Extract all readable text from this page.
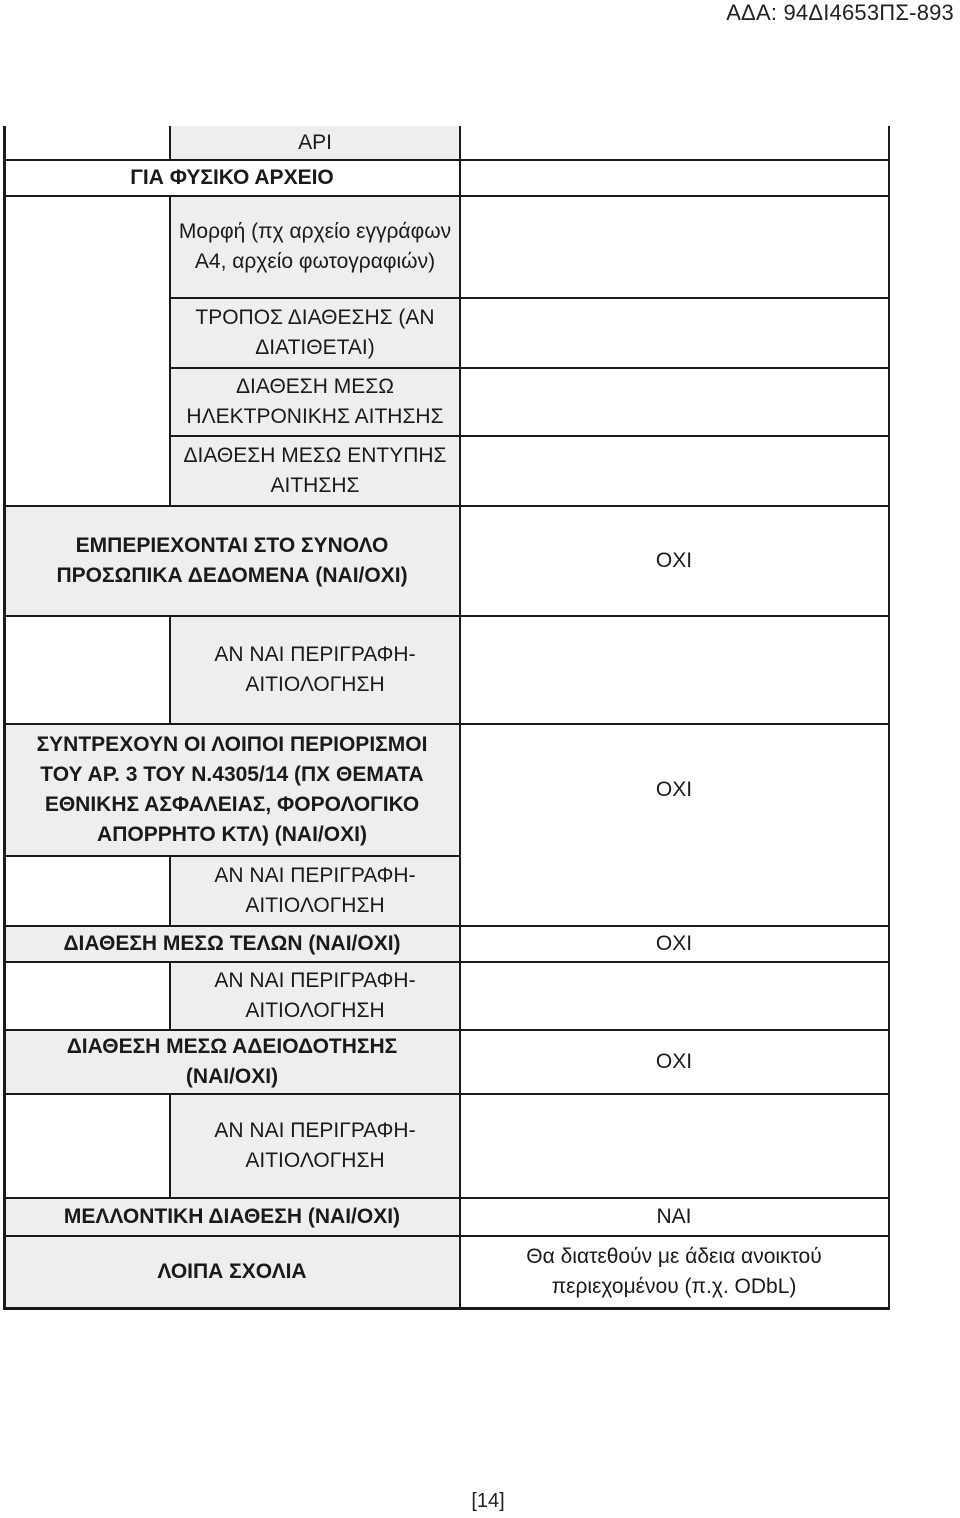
ΑΔΑ: 94ΔΙ4653ΠΣ-893
ΑΡΙ
ΓΙΑ ΦΥΣΙΚΟ ΑΡΧΕΙΟ
Μορφή (πχ αρχείο εγγράφων Α4, αρχείο φωτογραφιών)
ΤΡΟΠΟΣ ΔΙΑΘΕΣΗΣ (ΑΝ ΔΙΑΤΙΘΕΤΑΙ)
ΔΙΑΘΕΣΗ ΜΕΣΩ ΗΛΕΚΤΡΟΝΙΚΗΣ ΑΙΤΗΣΗΣ
ΔΙΑΘΕΣΗ ΜΕΣΩ ΕΝΤΥΠΗΣ ΑΙΤΗΣΗΣ
ΕΜΠΕΡΙΕΧΟΝΤΑΙ ΣΤΟ ΣΥΝΟΛΟ ΠΡΟΣΩΠΙΚΑ ΔΕΔΟΜΕΝΑ (ΝΑΙ/ΟΧΙ)
ΟΧΙ
ΑΝ ΝΑΙ ΠΕΡΙΓΡΑΦΗ- ΑΙΤΙΟΛΟΓΗΣΗ
ΣΥΝΤΡΕΧΟΥΝ ΟΙ ΛΟΙΠΟΙ ΠΕΡΙΟΡΙΣΜΟΙ ΤΟΥ ΑΡ. 3 ΤΟΥ Ν.4305/14 (ΠΧ ΘΕΜΑΤΑ ΕΘΝΙΚΗΣ ΑΣΦΑΛΕΙΑΣ, ΦΟΡΟΛΟΓΙΚΟ ΑΠΟΡΡΗΤΟ ΚΤΛ) (ΝΑΙ/ΟΧΙ)
ΟΧΙ
ΑΝ ΝΑΙ ΠΕΡΙΓΡΑΦΗ- ΑΙΤΙΟΛΟΓΗΣΗ
ΔΙΑΘΕΣΗ ΜΕΣΩ ΤΕΛΩΝ (ΝΑΙ/ΟΧΙ)	ΟΧΙ
ΑΝ ΝΑΙ ΠΕΡΙΓΡΑΦΗ- ΑΙΤΙΟΛΟΓΗΣΗ
ΔΙΑΘΕΣΗ ΜΕΣΩ ΑΔΕΙΟΔΟΤΗΣΗΣ (ΝΑΙ/ΟΧΙ)
ΟΧΙ
ΑΝ ΝΑΙ ΠΕΡΙΓΡΑΦΗ- ΑΙΤΙΟΛΟΓΗΣΗ
ΜΕΛΛΟΝΤΙΚΗ ΔΙΑΘΕΣΗ (ΝΑΙ/ΟΧΙ)	ΝΑΙ
ΛΟΙΠΑ ΣΧΟΛΙΑ
Θα διατεθούν με άδεια ανοικτού περιεχομένου (π.χ. ODbL)
[14]
